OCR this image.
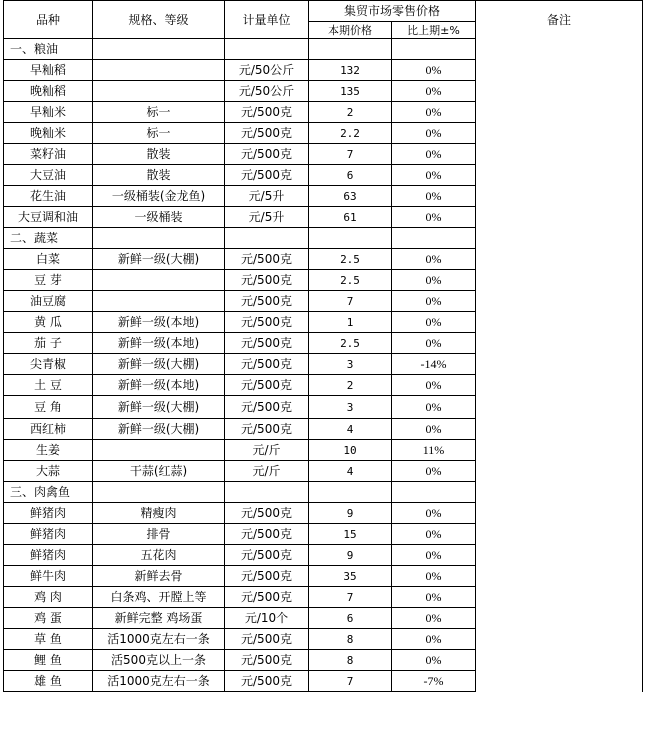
品种	规格、等级	计量单位	集贸市场零售价格		备注
			本期价格	比上期±%	
一、粮油					
早籼稻		元/50公斤	132	0%	
晚籼稻		元/50公斤	135	0%	
早籼米	标一	元/500克	2	0%	
晚籼米	标一	元/500克	2.2	0%	
菜籽油	散装	元/500克	7	0%	
大豆油	散装	元/500克	6	0%	
花生油	一级桶装(金龙鱼)	元/5升	63	0%	
大豆调和油	一级桶装	元/5升	61	0%	
二、蔬菜					
白菜	新鲜一级(大棚)	元/500克	2.5	0%	
豆 芽		元/500克	2.5	0%	
油豆腐		元/500克	7	0%	
黄 瓜	新鲜一级(本地)	元/500克	1	0%	
茄 子	新鲜一级(本地)	元/500克	2.5	0%	
尖青椒	新鲜一级(大棚)	元/500克	3	-14%	
土 豆	新鲜一级(本地)	元/500克	2	0%	
豆 角	新鲜一级(大棚)	元/500克	3	0%	
西红柿	新鲜一级(大棚)	元/500克	4	0%	
生姜		元/斤	10	11%	
大蒜	干蒜(红蒜)	元/斤	4	0%	
三、肉禽鱼					
鲜猪肉	精瘦肉	元/500克	9	0%	
鲜猪肉	排骨	元/500克	15	0%	
鲜猪肉	五花肉	元/500克	9	0%	
鲜牛肉	新鲜去骨	元/500克	35	0%	
鸡 肉	白条鸡、开膛上等	元/500克	7	0%	
鸡 蛋	新鲜完整 鸡场蛋	元/10个	6	0%	
草 鱼	活1000克左右一条	元/500克	8	0%	
鲤 鱼	活500克以上一条	元/500克	8	0%	
雄 鱼	活1000克左右一条	元/500克	7	-7%	
